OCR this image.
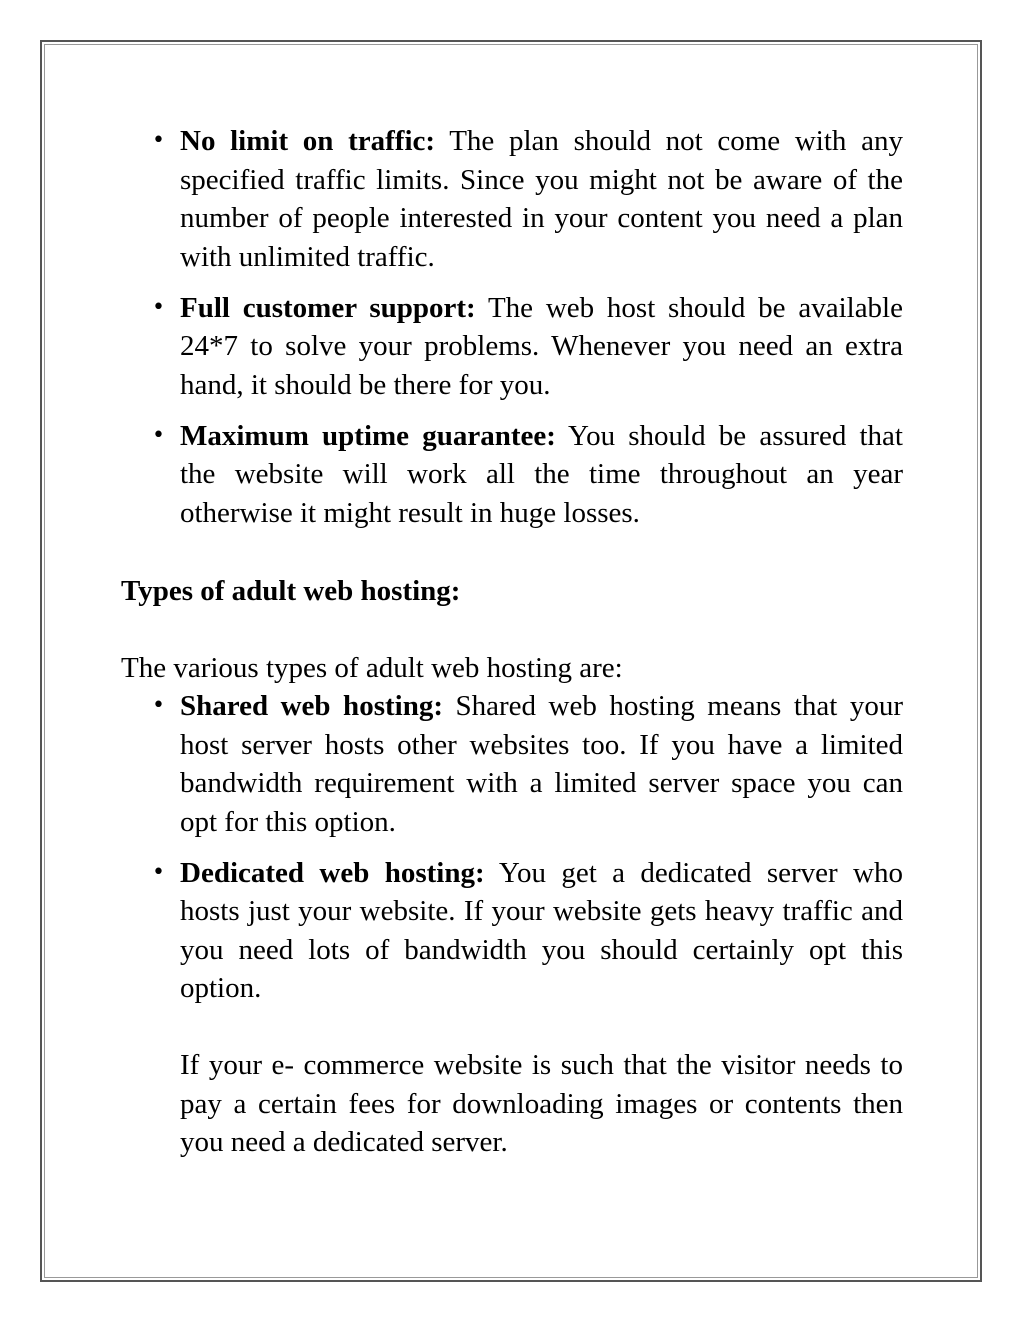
• No limit on traffic: The plan should not come with any specified traffic limits. Since you might not be aware of the number of people interested in your content you need a plan with unlimited traffic.
• Full customer support: The web host should be available 24*7 to solve your problems. Whenever you need an extra hand, it should be there for you.
• Maximum uptime guarantee: You should be assured that the website will work all the time throughout an year otherwise it might result in huge losses.

Types of adult web hosting:

The various types of adult web hosting are:

• Shared web hosting: Shared web hosting means that your host server hosts other websites too. If you have a limited bandwidth requirement with a limited server space you can opt for this option.
• Dedicated web hosting: You get a dedicated server who hosts just your website. If your website gets heavy traffic and you need lots of bandwidth you should certainly opt this option.

If your e- commerce website is such that the visitor needs to pay a certain fees for downloading images or contents then you need a dedicated server.
